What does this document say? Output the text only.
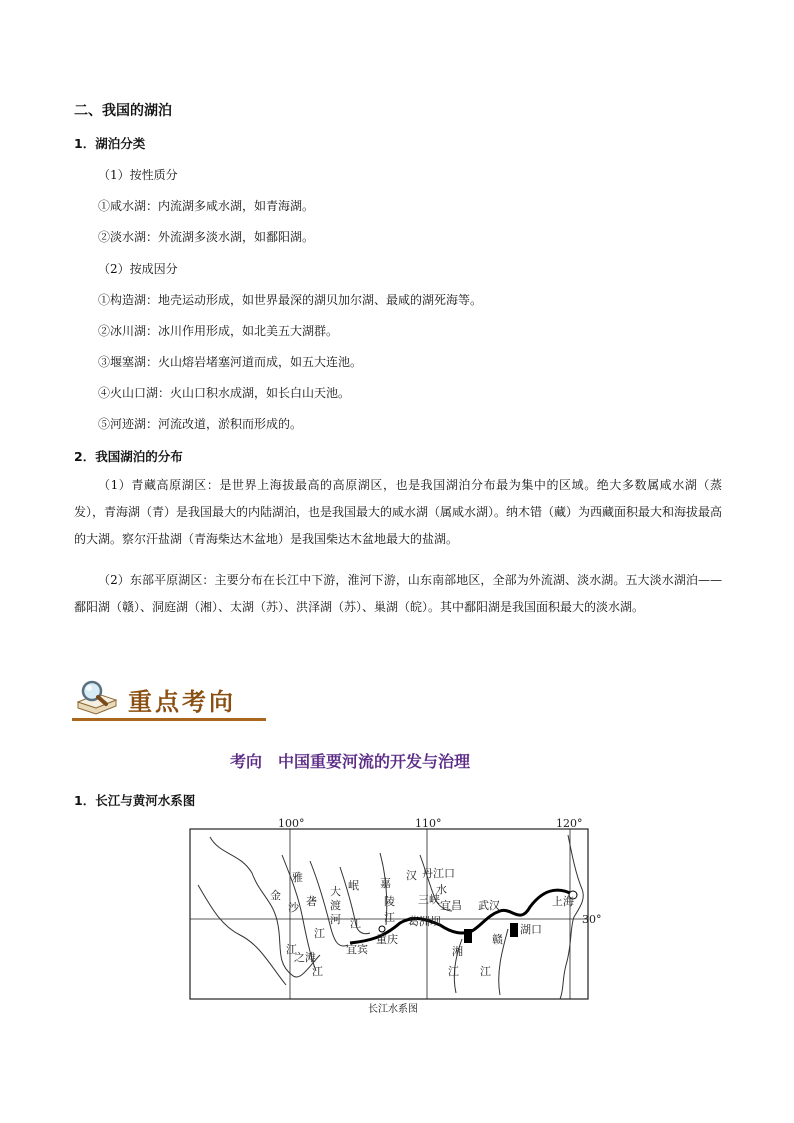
二、我国的湖泊
1．湖泊分类
（1）按性质分
①咸水湖：内流湖多咸水湖，如青海湖。
②淡水湖：外流湖多淡水湖，如鄱阳湖。
（2）按成因分
①构造湖：地壳运动形成，如世界最深的湖贝加尔湖、最咸的湖死海等。
②冰川湖：冰川作用形成，如北美五大湖群。
③堰塞湖：火山熔岩堵塞河道而成，如五大连池。
④火山口湖：火山口积水成湖，如长白山天池。
⑤河迹湖：河流改道，淤积而形成的。
2．我国湖泊的分布
（1）青藏高原湖区：是世界上海拔最高的高原湖区，也是我国湖泊分布最为集中的区域。绝大多数属咸水湖（蒸发），青海湖（青）是我国最大的内陆湖泊，也是我国最大的咸水湖（属咸水湖）。纳木错（藏）为西藏面积最大和海拔最高的大湖。察尔汗盐湖（青海柴达木盆地）是我国柴达木盆地最大的盐湖。
（2）东部平原湖区：主要分布在长江中下游，淮河下游，山东南部地区，全部为外流湖、淡水湖。五大淡水湖泊——鄱阳湖（赣）、洞庭湖（湘）、太湖（苏）、洪泽湖（苏）、巢湖（皖）。其中鄱阳湖是我国面积最大的淡水湖。
重点考向
考向　中国重要河流的开发与治理
1．长江与黄河水系图
100°	110°	120°
30°
金
沙
雅
砻
江
大
渡
河
岷
江
嘉
陵
江
汉
水
丹江口
三峡 宜昌
葛洲坝
武汉
重庆
宜宾
上海
湖口
湘
江
赣
江
江
之滩
江
长江水系图
